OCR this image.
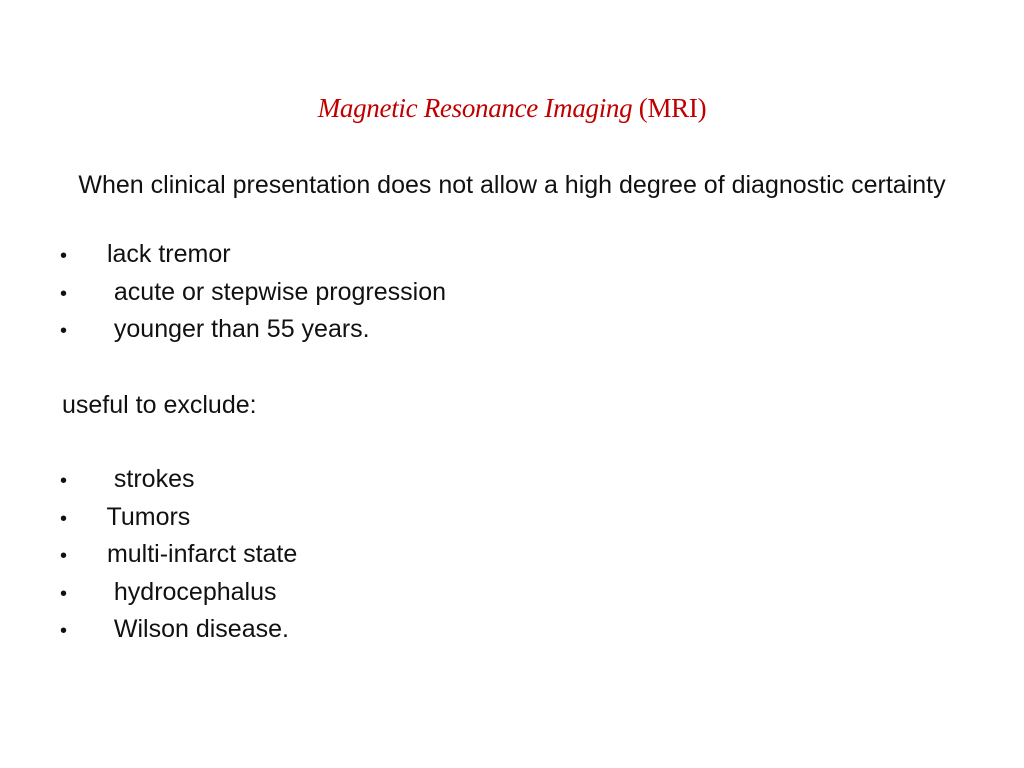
Magnetic Resonance Imaging (MRI)
When clinical presentation does not allow a high degree of diagnostic certainty
• lack tremor
•  acute or stepwise progression
•  younger than 55 years.
useful to exclude:
•  strokes
• Tumors
• multi-infarct state
•  hydrocephalus
•  Wilson disease.
